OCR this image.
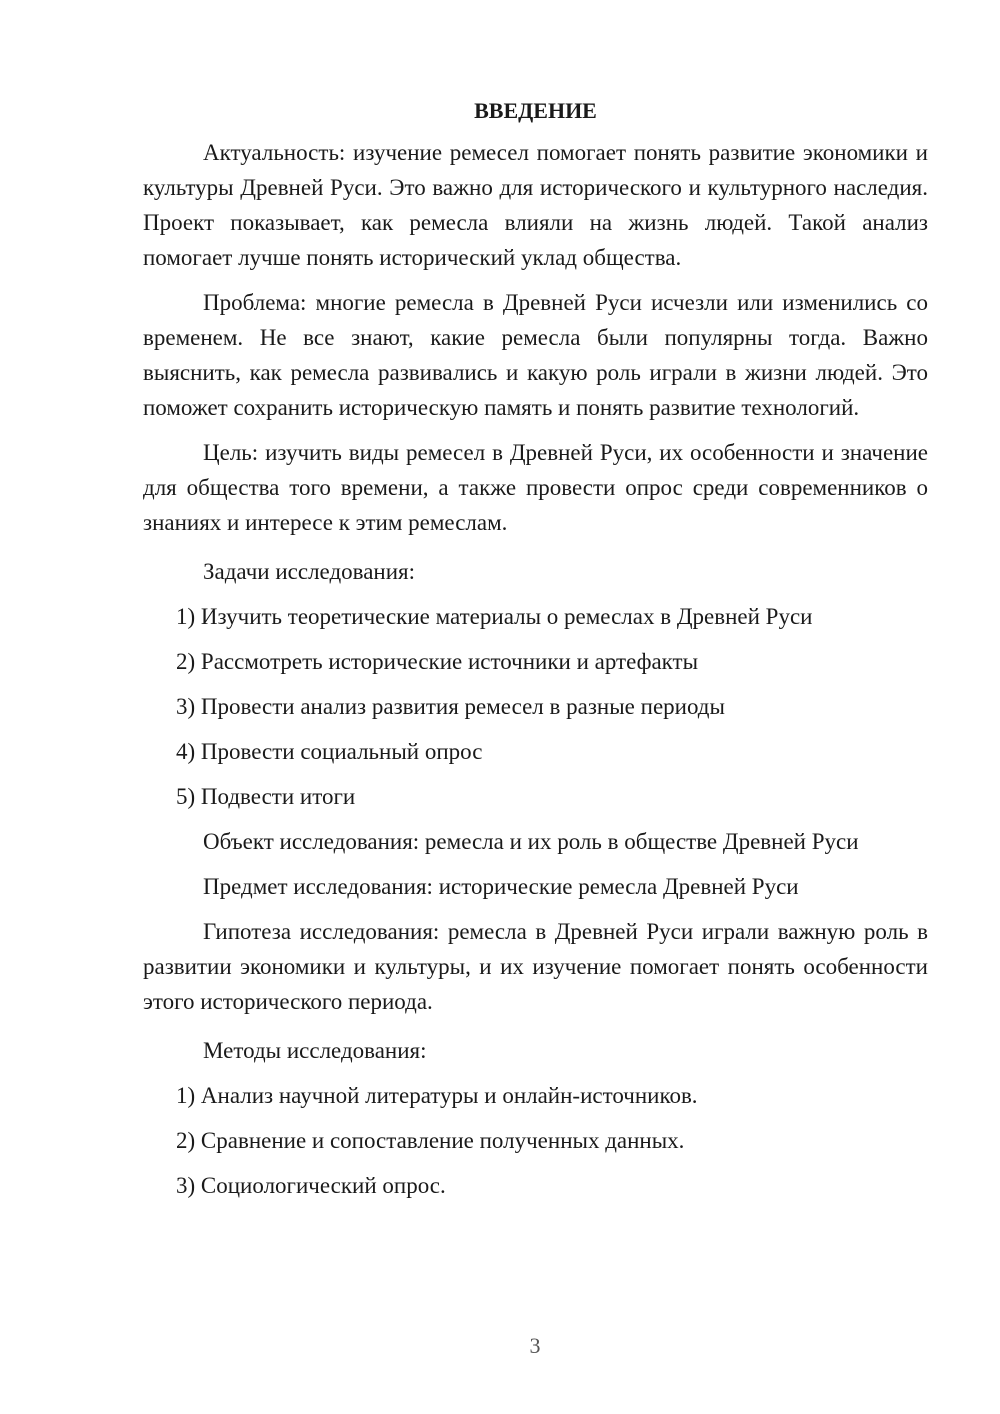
ВВЕДЕНИЕ

Актуальность: изучение ремесел помогает понять развитие экономики и культуры Древней Руси. Это важно для исторического и культурного наследия. Проект показывает, как ремесла влияли на жизнь людей. Такой анализ помогает лучше понять исторический уклад общества.

Проблема: многие ремесла в Древней Руси исчезли или изменились со временем. Не все знают, какие ремесла были популярны тогда. Важно выяснить, как ремесла развивались и какую роль играли в жизни людей. Это поможет сохранить историческую память и понять развитие технологий.

Цель: изучить виды ремесел в Древней Руси, их особенности и значение для общества того времени, а также провести опрос среди современников о знаниях и интересе к этим ремеслам.

Задачи исследования:

1) Изучить теоретические материалы о ремеслах в Древней Руси

2) Рассмотреть исторические источники и артефакты

3) Провести анализ развития ремесел в разные периоды

4) Провести социальный опрос

5) Подвести итоги

Объект исследования: ремесла и их роль в обществе Древней Руси

Предмет исследования: исторические ремесла Древней Руси

Гипотеза исследования: ремесла в Древней Руси играли важную роль в развитии экономики и культуры, и их изучение помогает понять особенности этого исторического периода.

Методы исследования:

1) Анализ научной литературы и онлайн-источников.

2) Сравнение и сопоставление полученных данных.

3) Социологический опрос.

3
